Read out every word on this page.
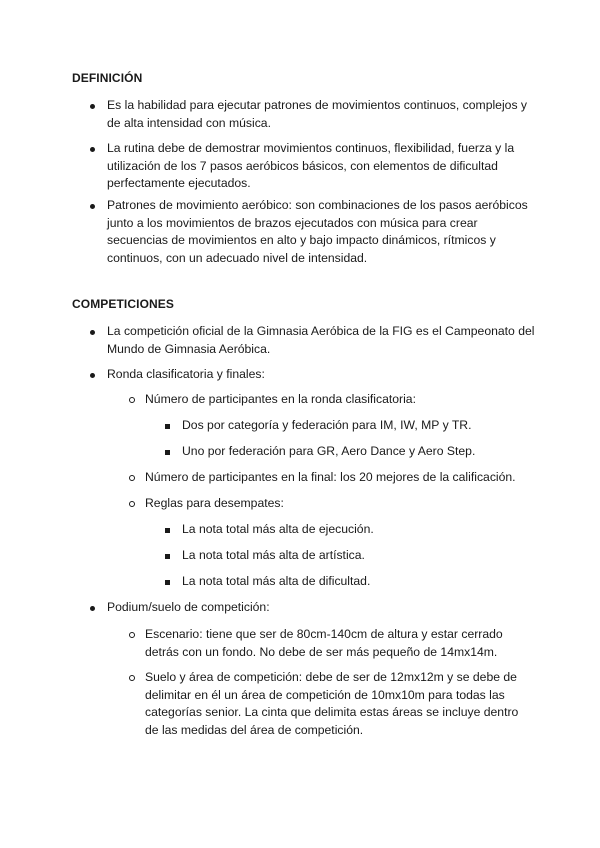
DEFINICIÓN
Es la habilidad para ejecutar patrones de movimientos continuos, complejos y de alta intensidad con música.
La rutina debe de demostrar movimientos continuos, flexibilidad, fuerza y la utilización de los 7 pasos aeróbicos básicos, con elementos de dificultad perfectamente ejecutados.
Patrones de movimiento aeróbico: son combinaciones de los pasos aeróbicos junto a los movimientos de brazos ejecutados con música para crear secuencias de movimientos en alto y bajo impacto dinámicos, rítmicos y continuos, con un adecuado nivel de intensidad.
COMPETICIONES
La competición oficial de la Gimnasia Aeróbica de la FIG es el Campeonato del Mundo de Gimnasia Aeróbica.
Ronda clasificatoria y finales:
Número de participantes en la ronda clasificatoria:
Dos por categoría y federación para IM, IW, MP y TR.
Uno por federación para GR, Aero Dance y Aero Step.
Número de participantes en la final: los 20 mejores de la calificación.
Reglas para desempates:
La nota total más alta de ejecución.
La nota total más alta de artística.
La nota total más alta de dificultad.
Podium/suelo de competición:
Escenario: tiene que ser de 80cm-140cm de altura y estar cerrado detrás con un fondo. No debe de ser más pequeño de 14mx14m.
Suelo y área de competición: debe de ser de 12mx12m y se debe de delimitar en él un área de competición de 10mx10m para todas las categorías senior. La cinta que delimita estas áreas se incluye dentro de las medidas del área de competición.
